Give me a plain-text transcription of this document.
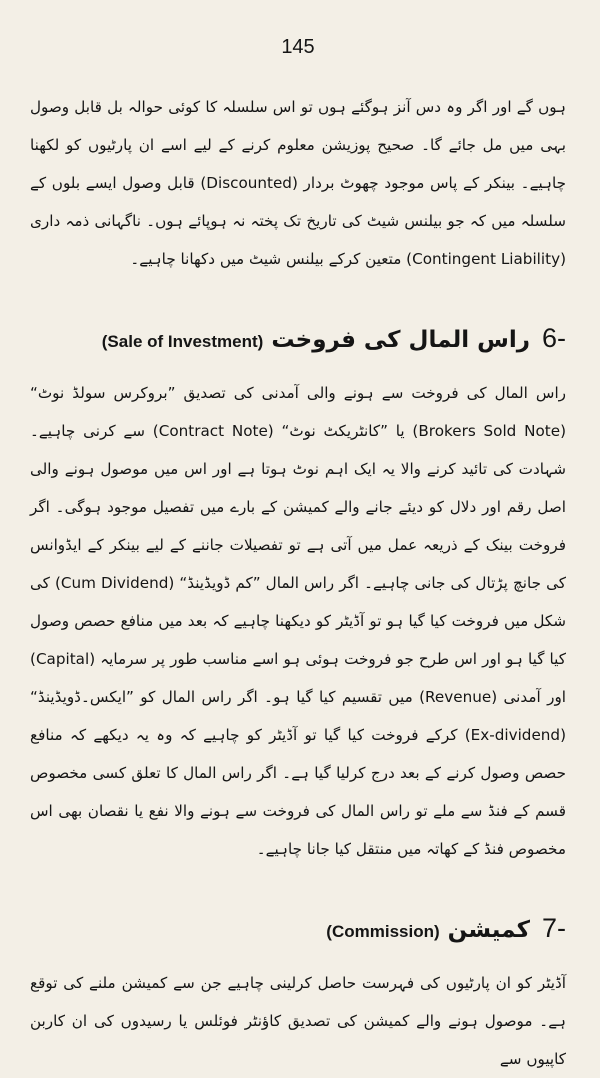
145

ہوں گے اور اگر وہ دس آنز ہوگئے ہوں تو اس سلسلہ کا کوئی حوالہ بل قابل وصول بہی میں مل جائے گا۔ صحیح پوزیشن معلوم کرنے کے لیے اسے ان پارٹیوں کو لکھنا چاہیے۔ بینکر کے پاس موجود چھوٹ بردار (Discounted) قابل وصول ایسے بلوں کے سلسلہ میں کہ جو بیلنس شیٹ کی تاریخ تک پختہ نہ ہوپائے ہوں۔ ناگہانی ذمہ داری (Contingent Liability) متعین کرکے بیلنس شیٹ میں دکھانا چاہیے۔

-6راس المال کی فروخت(Sale of Investment)

راس المال کی فروخت سے ہونے والی آمدنی کی تصدیق ”بروکرس سولڈ نوٹ“ (Brokers Sold Note) یا ”کانٹریکٹ نوٹ“ (Contract Note) سے کرنی چاہیے۔ شہادت کی تائید کرنے والا یہ ایک اہم نوٹ ہوتا ہے اور اس میں موصول ہونے والی اصل رقم اور دلال کو دیئے جانے والے کمیشن کے بارے میں تفصیل موجود ہوگی۔ اگر فروخت بینک کے ذریعہ عمل میں آتی ہے تو تفصیلات جاننے کے لیے بینکر کے ایڈوانس کی جانچ پڑتال کی جانی چاہیے۔ اگر راس المال ”کم ڈویڈینڈ“ (Cum Dividend) کی شکل میں فروخت کیا گیا ہو تو آڈیٹر کو دیکھنا چاہیے کہ بعد میں منافع حصص وصول کیا گیا ہو اور اس طرح جو فروخت ہوئی ہو اسے مناسب طور پر سرمایہ (Capital) اور آمدنی (Revenue) میں تقسیم کیا گیا ہو۔ اگر راس المال کو ”ایکس۔ڈویڈینڈ“ (Ex-dividend) کرکے فروخت کیا گیا تو آڈیٹر کو چاہیے کہ وہ یہ دیکھے کہ منافع حصص وصول کرنے کے بعد درج کرلیا گیا ہے۔ اگر راس المال کا تعلق کسی مخصوص قسم کے فنڈ سے ملے تو راس المال کی فروخت سے ہونے والا نفع یا نقصان بھی اس مخصوص فنڈ کے کھاتہ میں منتقل کیا جانا چاہیے۔

-7کمیشن(Commission)

آڈیٹر کو ان پارٹیوں کی فہرست حاصل کرلینی چاہیے جن سے کمیشن ملنے کی توقع ہے۔ موصول ہونے والے کمیشن کی تصدیق کاؤنٹر فوئلس یا رسیدوں کی ان کاربن کاپیوں سے
